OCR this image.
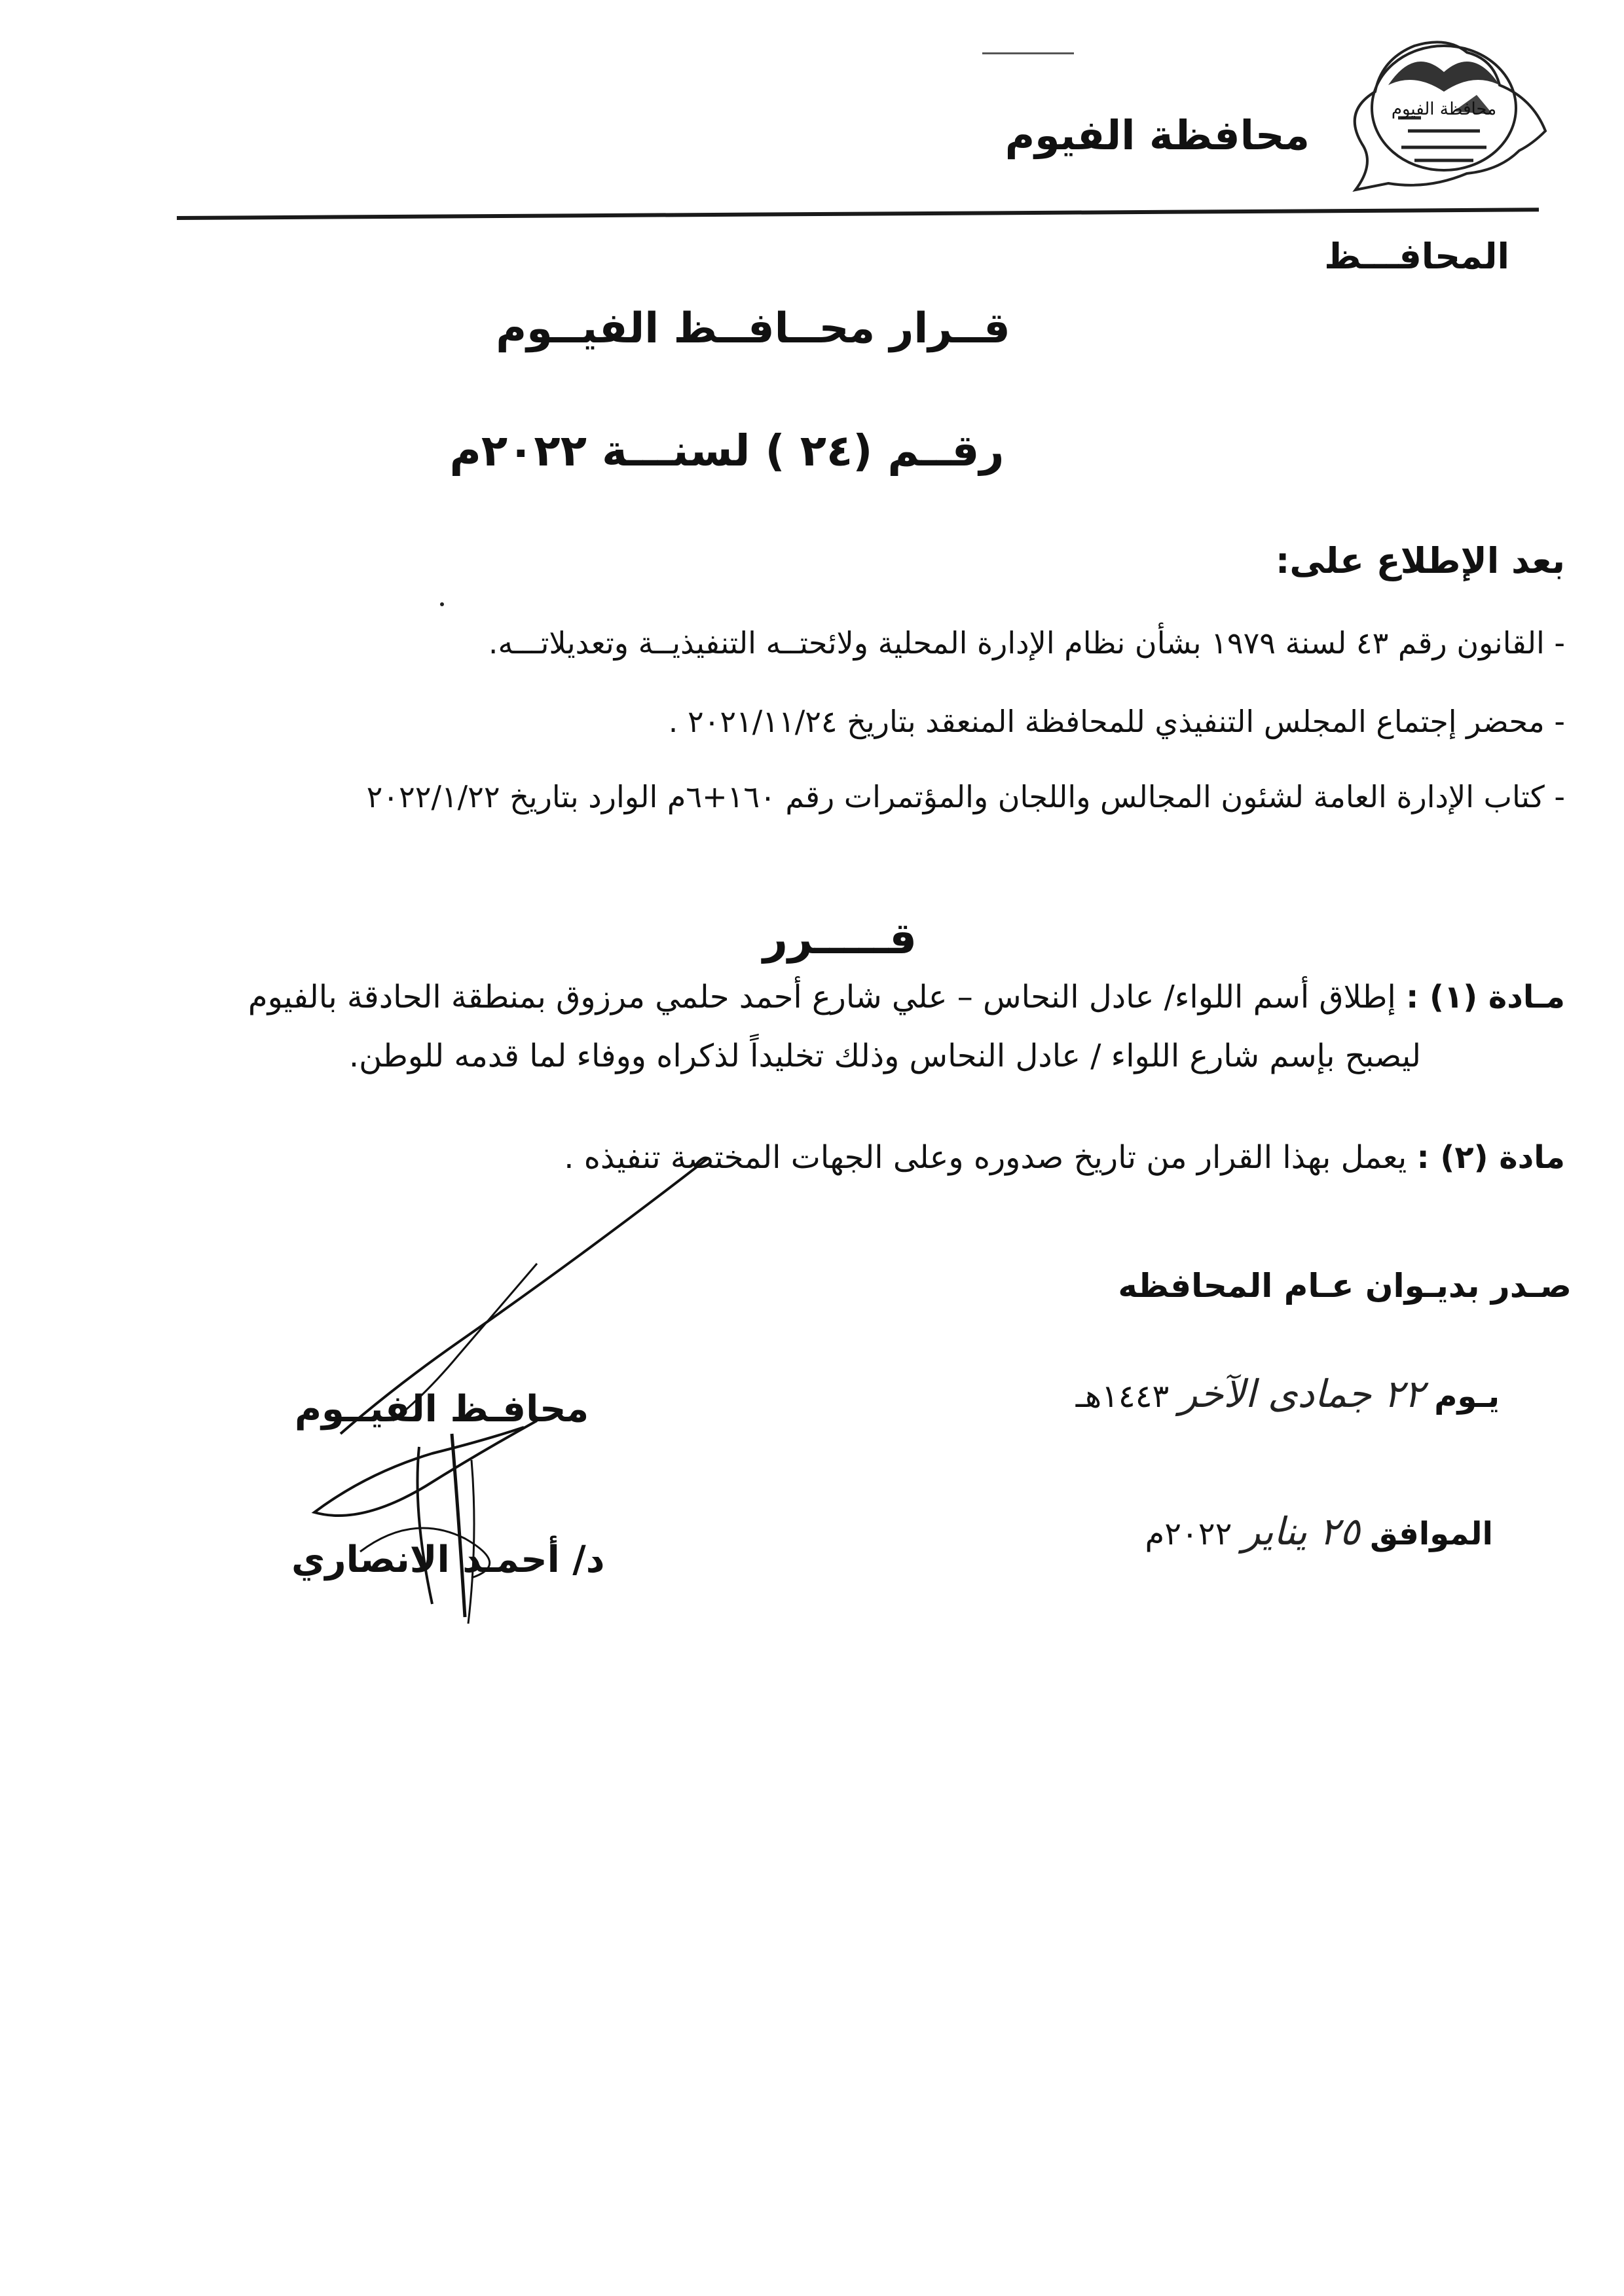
محافظة الفيوم
محافظة الفيوم
المحافـــظ
قــرار محــافــظ الفيــوم
رقــم (٢٤ ) لسنـــة ٢٠٢٢م
بعد الإطلاع على:
- القانون رقم ٤٣ لسنة ١٩٧٩ بشأن نظام الإدارة المحلية ولائحتــه التنفيذيــة وتعديلاتـــه.
- محضر إجتماع المجلس التنفيذي للمحافظة المنعقد بتاريخ ٢٠٢١/١١/٢٤ .
- كتاب الإدارة العامة لشئون المجالس واللجان والمؤتمرات رقم ١٦٠+٦م الوارد بتاريخ ٢٠٢٢/١/٢٢
قـــــرر
مـادة (١) : إطلاق أسم اللواء/ عادل النحاس – علي شارع أحمد حلمي مرزوق بمنطقة الحادقة بالفيوم
ليصبح بإسم شارع اللواء / عادل النحاس وذلك تخليداً لذكراه ووفاء لما قدمه للوطن.
مادة (٢) : يعمل بهذا القرار من تاريخ صدوره وعلى الجهات المختصة تنفيذه .
صـدر بديـوان عـام المحافظه
يـوم ٢٢ جمادى الآخر ١٤٤٣هـ
الموافق ٢٥ يناير ٢٠٢٢م
محافـظ الفيــوم
د/ أحمـد الانصاري
